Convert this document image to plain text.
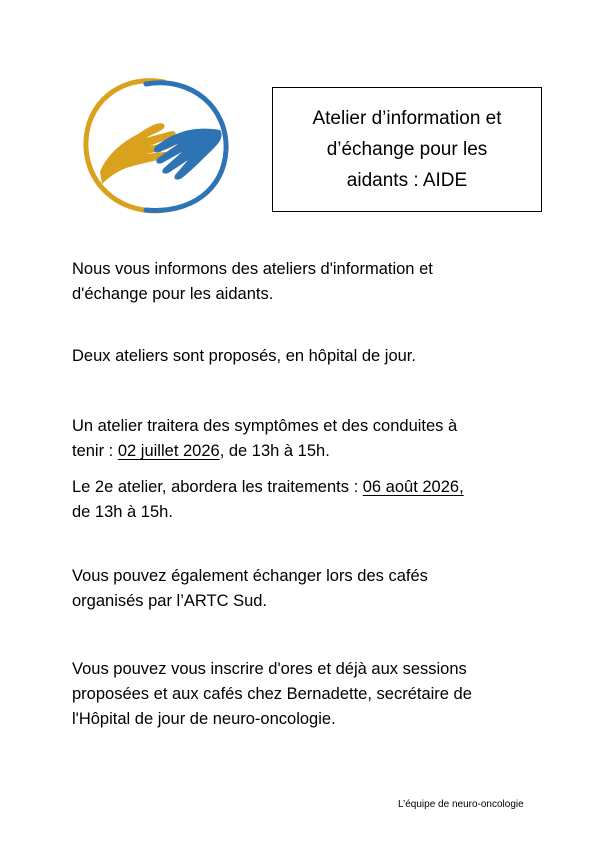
Atelier d’information et
d’échange pour les
aidants : AIDE
Nous vous informons des ateliers d'information et
d'échange pour les aidants.
Deux ateliers sont proposés, en hôpital de jour.
Un atelier traitera des symptômes et des conduites à
tenir : 02 juillet 2026, de 13h à 15h.
Le 2e atelier, abordera les traitements : 06 août 2026,
de 13h à 15h.
Vous pouvez également échanger lors des cafés
organisés par l’ARTC Sud.
Vous pouvez vous inscrire d'ores et déjà aux sessions
proposées et aux cafés chez Bernadette, secrétaire de
l'Hôpital de jour de neuro-oncologie.
L’équipe de neuro-oncologie
